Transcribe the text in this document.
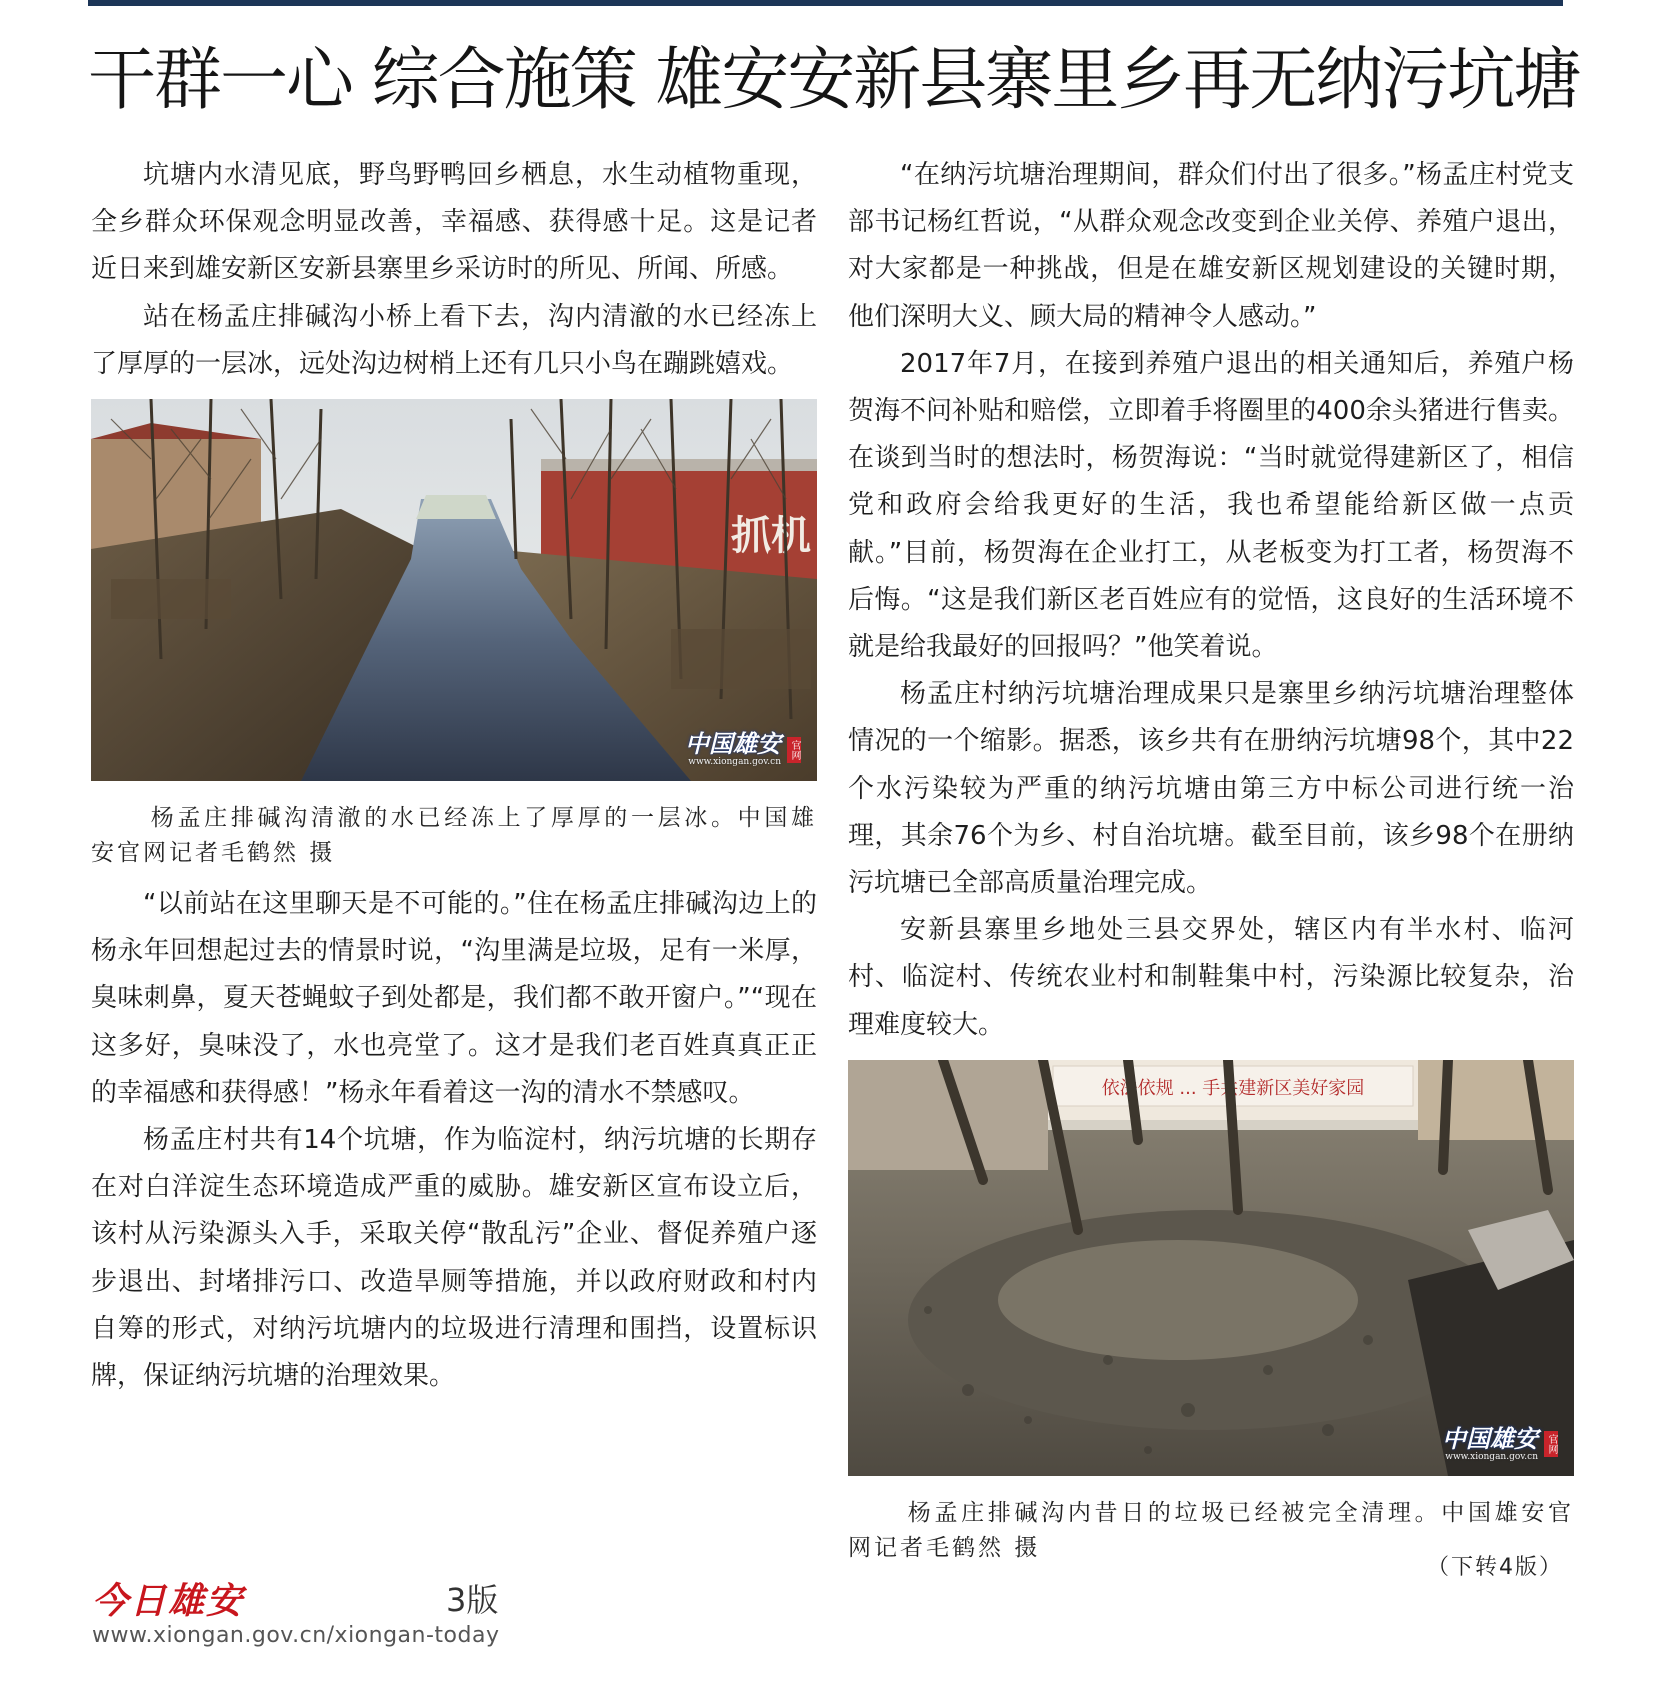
干群一心 综合施策 雄安安新县寨里乡再无纳污坑塘

坑塘内水清见底，野鸟野鸭回乡栖息，水生动植物重现，全乡群众环保观念明显改善，幸福感、获得感十足。这是记者近日来到雄安新区安新县寨里乡采访时的所见、所闻、所感。

站在杨孟庄排碱沟小桥上看下去，沟内清澈的水已经冻上了厚厚的一层冰，远处沟边树梢上还有几只小鸟在蹦跳嬉戏。

抓机
中国雄安
www.xiongan.gov.cn
官网

杨孟庄排碱沟清澈的水已经冻上了厚厚的一层冰。中国雄安官网记者毛鹤然 摄

“以前站在这里聊天是不可能的。”住在杨孟庄排碱沟边上的杨永年回想起过去的情景时说，“沟里满是垃圾，足有一米厚，臭味刺鼻，夏天苍蝇蚊子到处都是，我们都不敢开窗户。”“现在这多好，臭味没了，水也亮堂了。这才是我们老百姓真真正正的幸福感和获得感！”杨永年看着这一沟的清水不禁感叹。

杨孟庄村共有14个坑塘，作为临淀村，纳污坑塘的长期存在对白洋淀生态环境造成严重的威胁。雄安新区宣布设立后，该村从污染源头入手，采取关停“散乱污”企业、督促养殖户逐步退出、封堵排污口、改造旱厕等措施，并以政府财政和村内自筹的形式，对纳污坑塘内的垃圾进行清理和围挡，设置标识牌，保证纳污坑塘的治理效果。

“在纳污坑塘治理期间，群众们付出了很多。”杨孟庄村党支部书记杨红哲说，“从群众观念改变到企业关停、养殖户退出，对大家都是一种挑战，但是在雄安新区规划建设的关键时期，他们深明大义、顾大局的精神令人感动。”

2017年7月，在接到养殖户退出的相关通知后，养殖户杨贺海不问补贴和赔偿，立即着手将圈里的400余头猪进行售卖。在谈到当时的想法时，杨贺海说：“当时就觉得建新区了，相信党和政府会给我更好的生活，我也希望能给新区做一点贡献。”目前，杨贺海在企业打工，从老板变为打工者，杨贺海不后悔。“这是我们新区老百姓应有的觉悟，这良好的生活环境不就是给我最好的回报吗？”他笑着说。

杨孟庄村纳污坑塘治理成果只是寨里乡纳污坑塘治理整体情况的一个缩影。据悉，该乡共有在册纳污坑塘98个，其中22个水污染较为严重的纳污坑塘由第三方中标公司进行统一治理，其余76个为乡、村自治坑塘。截至目前，该乡98个在册纳污坑塘已全部高质量治理完成。

安新县寨里乡地处三县交界处，辖区内有半水村、临河村、临淀村、传统农业村和制鞋集中村，污染源比较复杂，治理难度较大。

依法依规 ... 手共建新区美好家园
中国雄安
www.xiongan.gov.cn
官网

杨孟庄排碱沟内昔日的垃圾已经被完全清理。中国雄安官网记者毛鹤然 摄

（下转4版）
今日雄安	3版
www.xiongan.gov.cn/xiongan-today
